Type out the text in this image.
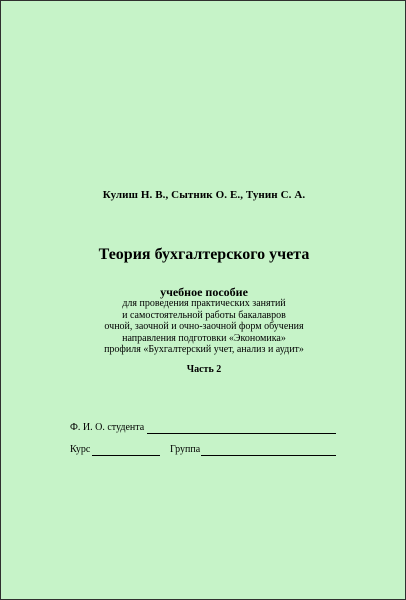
Кулиш Н. В., Сытник О. Е., Тунин С. А.
Теория бухгалтерского учета
учебное пособие
для проведения практических занятий
и самостоятельной работы бакалавров
очной, заочной и очно-заочной форм обучения
направления подготовки «Экономика»
профиля «Бухгалтерский учет, анализ и аудит»
Часть 2
Ф. И. О. студента
Курс	Группа
